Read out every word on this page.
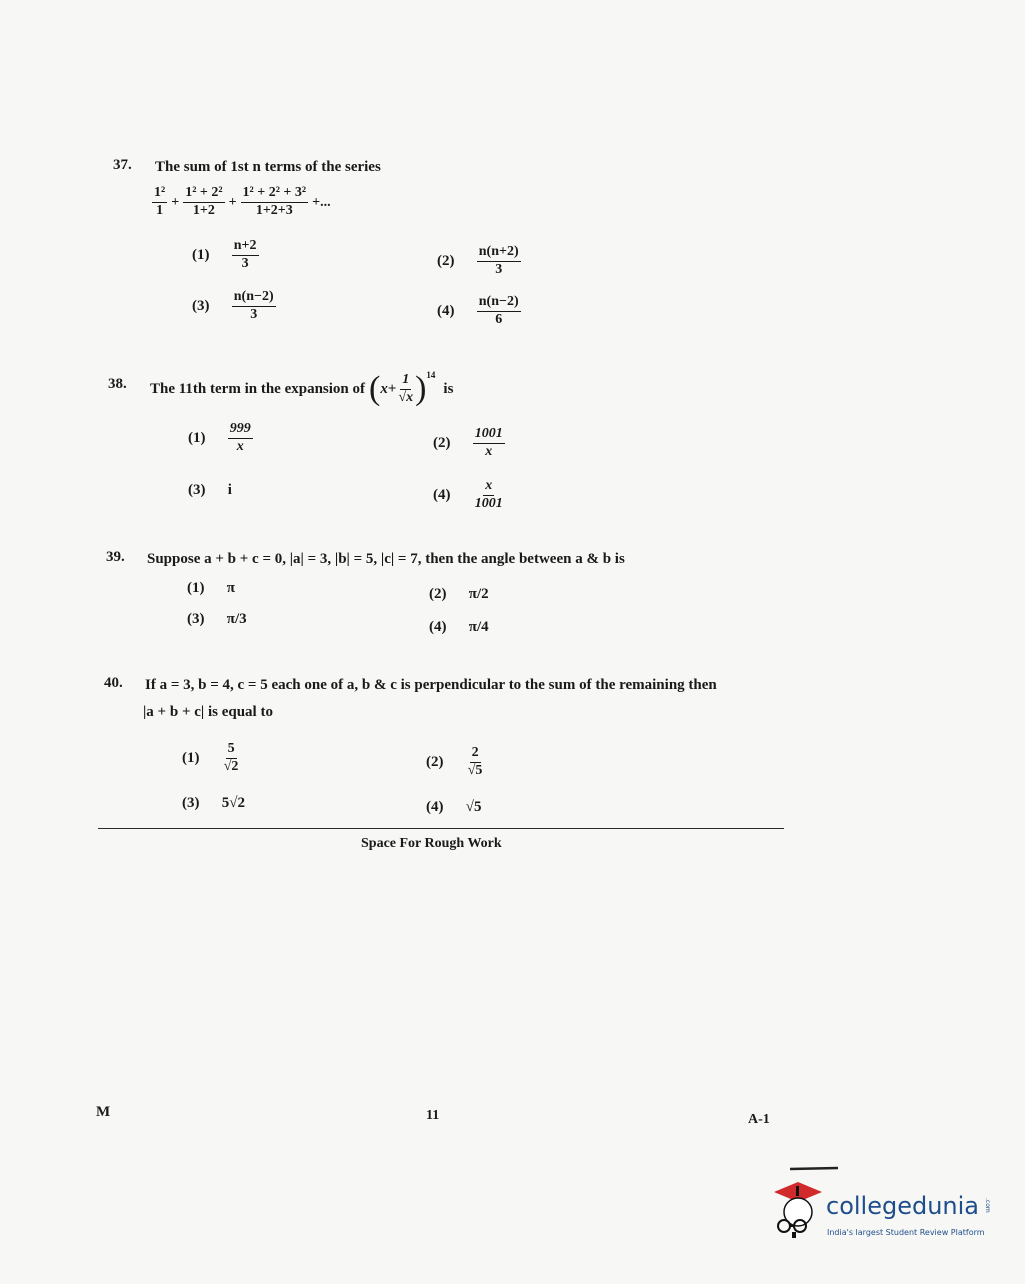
37. The sum of 1st n terms of the series
$\frac{\text{1²}}{1} + \frac{\text{1² + 2²}}{1+2} + \frac{\text{1² + 2² + 3²}}{1+2+3}$ +...
$(1) \frac{n+2}{3}$	$(2) \frac{n(n+2)}{3}$
$(3) \frac{n(n-2)}{3}$	$(4) \frac{n(n-2)}{6}$
38. The 11th term in the expansion of ( $x + \frac{1}{√x}$ ) 14
is
$(1) \frac{999}{x}$	$(2) \frac{1001}{x}$
(3) i	$(4) \frac{x}{1001}$
39. Suppose a + b + c = 0, |a| = 3, |b| = 5, |c| = 7, then the angle between a & b is
(1) π	(2) π/2
(3) π/3	(4) π/4
40. If a = 3, b = 4, c = 5 each one of a, b & c is perpendicular to the sum of the remaining then
|a + b + c| is equal to
$(1) \frac{5}{√2}$	$(2) \frac{2}{√5}$
(3) 5√2	(4) √5
Space For Rough Work
M	11	A-1
collegedunia .com
India's largest Student Review Platform
